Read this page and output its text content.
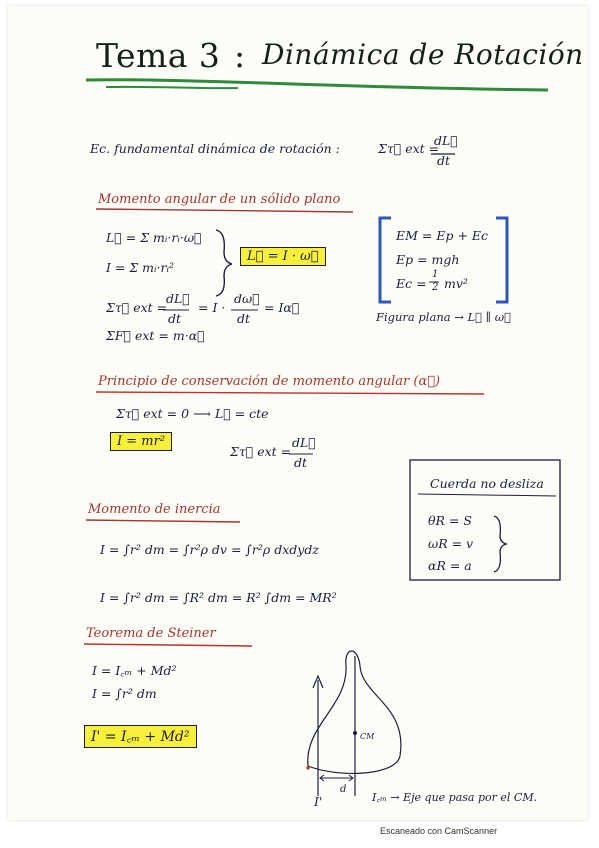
Tema 3 : Dinámica de Rotación
Ec. fundamental dinámica de rotación :	Στ⃗ ext =
dL⃗
dt
Momento angular de un sólido plano
L⃗ = Σ mᵢ·rᵢ·ω⃗
I = Σ mᵢ·rᵢ²
L⃗ = I · ω⃗
Στ⃗ ext =
dL⃗
dt
= I ·
dω⃗
dt
= Iα⃗
ΣF⃗ ext = m·α⃗
EM = Ep + Ec
Ep = mgh
Ec =
1
2 mv²
Figura plana → L⃗ ∥ ω⃗
Principio de conservación de momento angular (α⃗)
Στ⃗ ext = 0 ⟶ L⃗ = cte
I = mr²
Στ⃗ ext =
dL⃗
dt
Cuerda no desliza
θR = S
ωR = v
αR = a
Momento de inercia
I = ∫r² dm = ∫r²ρ dv = ∫r²ρ dxdydz
I = ∫r² dm = ∫R² dm = R² ∫dm = MR²
Teorema de Steiner
I = I꜀ₘ + Md²
I = ∫r² dm
I' = I꜀ₘ + Md²	CM
d
I'	I꜀ₘ → Eje que pasa por el CM.
Escaneado con CamScanner
